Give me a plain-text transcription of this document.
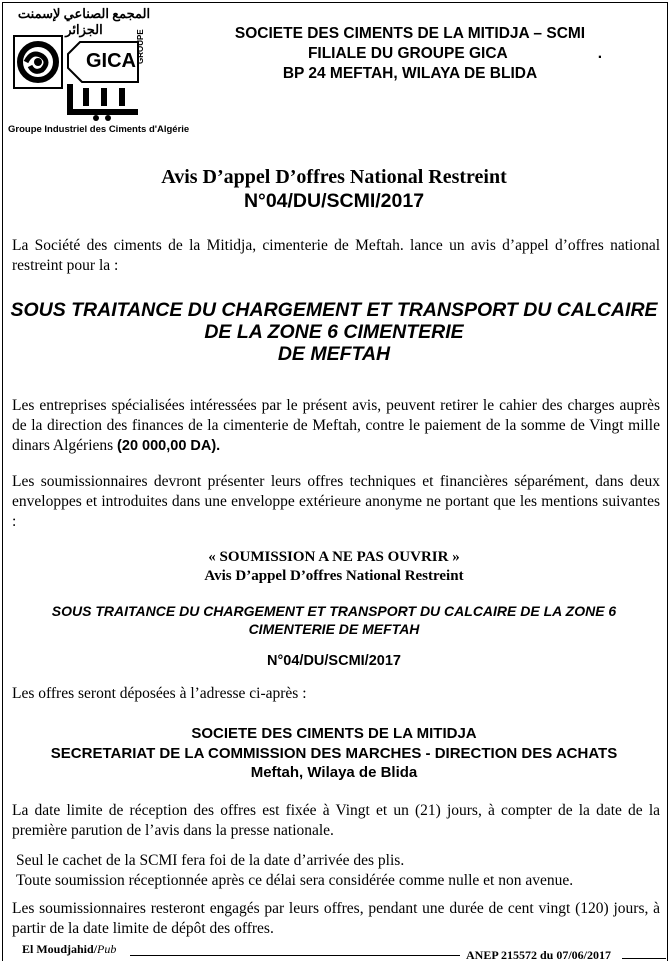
المجمع الصناعي لإسمنت الجزائر
GICA GROUPE
Groupe Industriel des Ciments d'Algérie
SOCIETE DES CIMENTS DE LA MITIDJA – SCMI
FILIALE DU GROUPE GICA	.
BP 24 MEFTAH, WILAYA DE BLIDA
Avis D’appel D’offres National Restreint
N°04/DU/SCMI/2017
La Société des ciments de la Mitidja, cimenterie de Meftah. lance un avis d’appel d’offres national restreint pour la :
SOUS TRAITANCE DU CHARGEMENT ET TRANSPORT DU CALCAIRE
DE LA ZONE 6 CIMENTERIE
DE MEFTAH
Les entreprises spécialisées intéressées par le présent avis, peuvent retirer le cahier des charges auprès de la direction des finances de la cimenterie de Meftah, contre le paiement de la somme de Vingt mille dinars Algériens (20 000,00 DA).
Les soumissionnaires devront présenter leurs offres techniques et financières séparément, dans deux enveloppes et introduites dans une enveloppe extérieure anonyme ne portant que les mentions suivantes :
« SOUMISSION A NE PAS OUVRIR »
Avis D’appel D’offres National Restreint
SOUS TRAITANCE DU CHARGEMENT ET TRANSPORT DU CALCAIRE DE LA ZONE 6
CIMENTERIE DE MEFTAH
N°04/DU/SCMI/2017
Les offres seront déposées à l’adresse ci-après :
SOCIETE DES CIMENTS DE LA MITIDJA
SECRETARIAT DE LA COMMISSION DES MARCHES - DIRECTION DES ACHATS
Meftah, Wilaya de Blida
La date limite de réception des offres est fixée à Vingt et un (21) jours, à compter de la date de la première parution de l’avis dans la presse nationale.
Seul le cachet de la SCMI fera foi de la date d’arrivée des plis.
Toute soumission réceptionnée après ce délai sera considérée comme nulle et non avenue.
Les soumissionnaires resteront engagés par leurs offres, pendant une durée de cent vingt (120) jours, à partir de la date limite de dépôt des offres.
El Moudjahid/Pub	ANEP 215572 du 07/06/2017
